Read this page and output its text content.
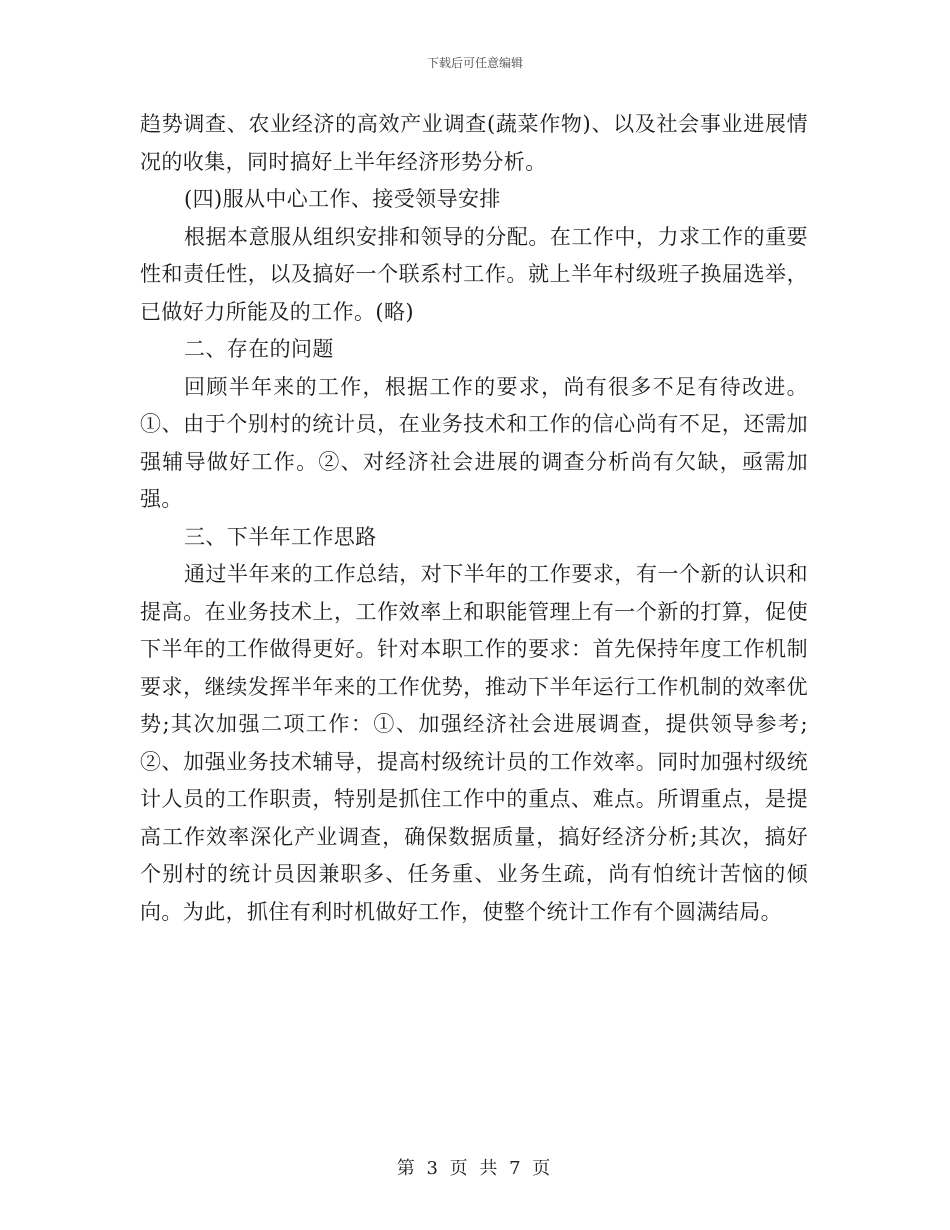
下载后可任意编辑

趋势调查、农业经济的高效产业调查(蔬菜作物)、以及社会事业进展情况的收集，同时搞好上半年经济形势分析。

(四)服从中心工作、接受领导安排

根据本意服从组织安排和领导的分配。在工作中，力求工作的重要性和责任性，以及搞好一个联系村工作。就上半年村级班子换届选举，已做好力所能及的工作。(略)

二、存在的问题

回顾半年来的工作，根据工作的要求，尚有很多不足有待改进。①、由于个别村的统计员，在业务技术和工作的信心尚有不足，还需加强辅导做好工作。②、对经济社会进展的调查分析尚有欠缺，亟需加强。

三、下半年工作思路

通过半年来的工作总结，对下半年的工作要求，有一个新的认识和提高。在业务技术上，工作效率上和职能管理上有一个新的打算，促使下半年的工作做得更好。针对本职工作的要求：首先保持年度工作机制要求，继续发挥半年来的工作优势，推动下半年运行工作机制的效率优势;其次加强二项工作：①、加强经济社会进展调查，提供领导参考;②、加强业务技术辅导，提高村级统计员的工作效率。同时加强村级统计人员的工作职责，特别是抓住工作中的重点、难点。所谓重点，是提高工作效率深化产业调查，确保数据质量，搞好经济分析;其次，搞好个别村的统计员因兼职多、任务重、业务生疏，尚有怕统计苦恼的倾向。为此，抓住有利时机做好工作，使整个统计工作有个圆满结局。

第 3 页 共 7 页
